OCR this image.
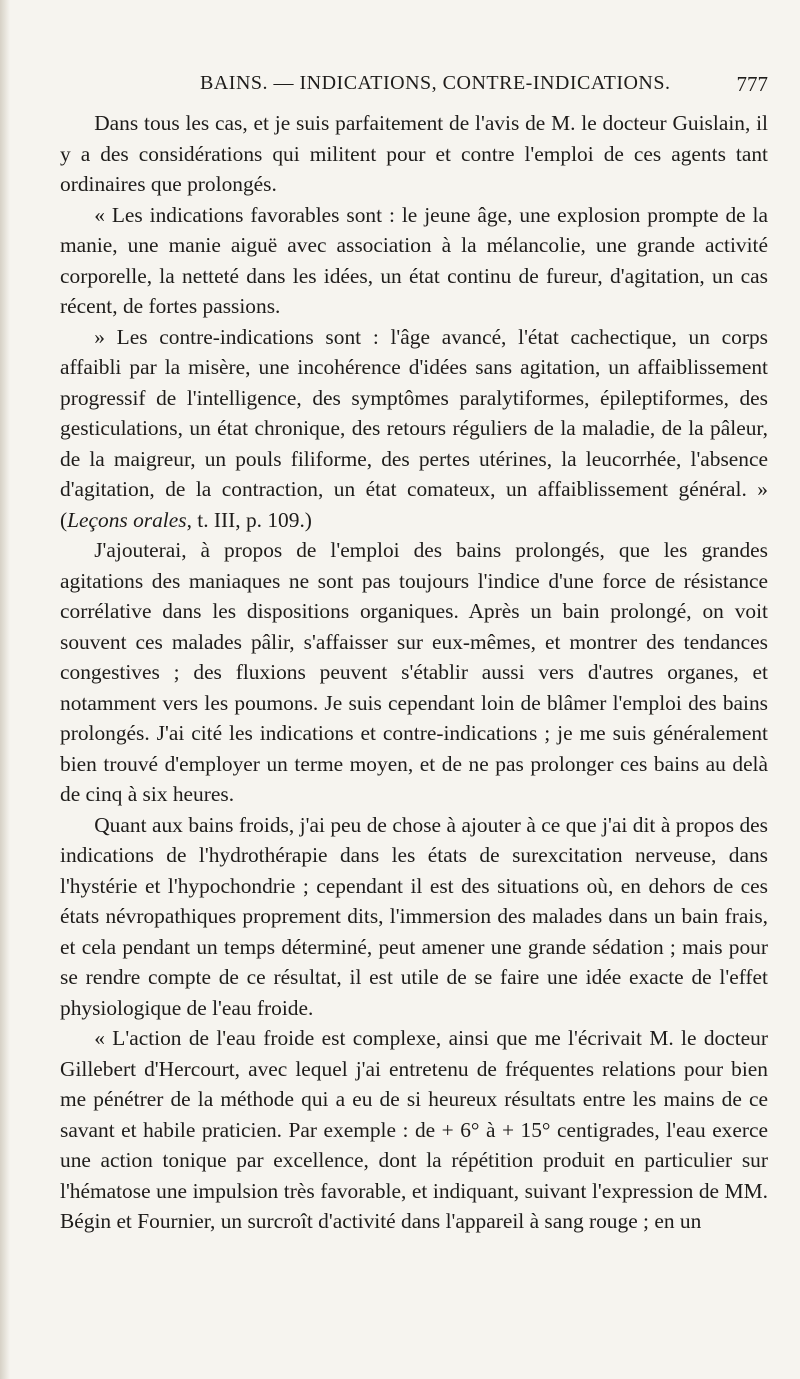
BAINS. — INDICATIONS, CONTRE-INDICATIONS.	777

Dans tous les cas, et je suis parfaitement de l'avis de M. le docteur Guislain, il y a des considérations qui militent pour et contre l'emploi de ces agents tant ordinaires que prolongés.

« Les indications favorables sont : le jeune âge, une explosion prompte de la manie, une manie aiguë avec association à la mélancolie, une grande activité corporelle, la netteté dans les idées, un état continu de fureur, d'agitation, un cas récent, de fortes passions.

» Les contre-indications sont : l'âge avancé, l'état cachectique, un corps affaibli par la misère, une incohérence d'idées sans agitation, un affaiblissement progressif de l'intelligence, des symptômes paralytiformes, épileptiformes, des gesticulations, un état chronique, des retours réguliers de la maladie, de la pâleur, de la maigreur, un pouls filiforme, des pertes utérines, la leucorrhée, l'absence d'agitation, de la contraction, un état comateux, un affaiblissement général. » (Leçons orales, t. III, p. 109.)

J'ajouterai, à propos de l'emploi des bains prolongés, que les grandes agitations des maniaques ne sont pas toujours l'indice d'une force de résistance corrélative dans les dispositions organiques. Après un bain prolongé, on voit souvent ces malades pâlir, s'affaisser sur eux-mêmes, et montrer des tendances congestives ; des fluxions peuvent s'établir aussi vers d'autres organes, et notamment vers les poumons. Je suis cependant loin de blâmer l'emploi des bains prolongés. J'ai cité les indications et contre-indications ; je me suis généralement bien trouvé d'employer un terme moyen, et de ne pas prolonger ces bains au delà de cinq à six heures.

Quant aux bains froids, j'ai peu de chose à ajouter à ce que j'ai dit à propos des indications de l'hydrothérapie dans les états de surexcitation nerveuse, dans l'hystérie et l'hypochondrie ; cependant il est des situations où, en dehors de ces états névropathiques proprement dits, l'immersion des malades dans un bain frais, et cela pendant un temps déterminé, peut amener une grande sédation ; mais pour se rendre compte de ce résultat, il est utile de se faire une idée exacte de l'effet physiologique de l'eau froide.

« L'action de l'eau froide est complexe, ainsi que me l'écrivait M. le docteur Gillebert d'Hercourt, avec lequel j'ai entretenu de fréquentes relations pour bien me pénétrer de la méthode qui a eu de si heureux résultats entre les mains de ce savant et habile praticien. Par exemple : de + 6° à + 15° centigrades, l'eau exerce une action tonique par excellence, dont la répétition produit en particulier sur l'hématose une impulsion très favorable, et indiquant, suivant l'expression de MM. Bégin et Fournier, un surcroît d'activité dans l'appareil à sang rouge ; en un
